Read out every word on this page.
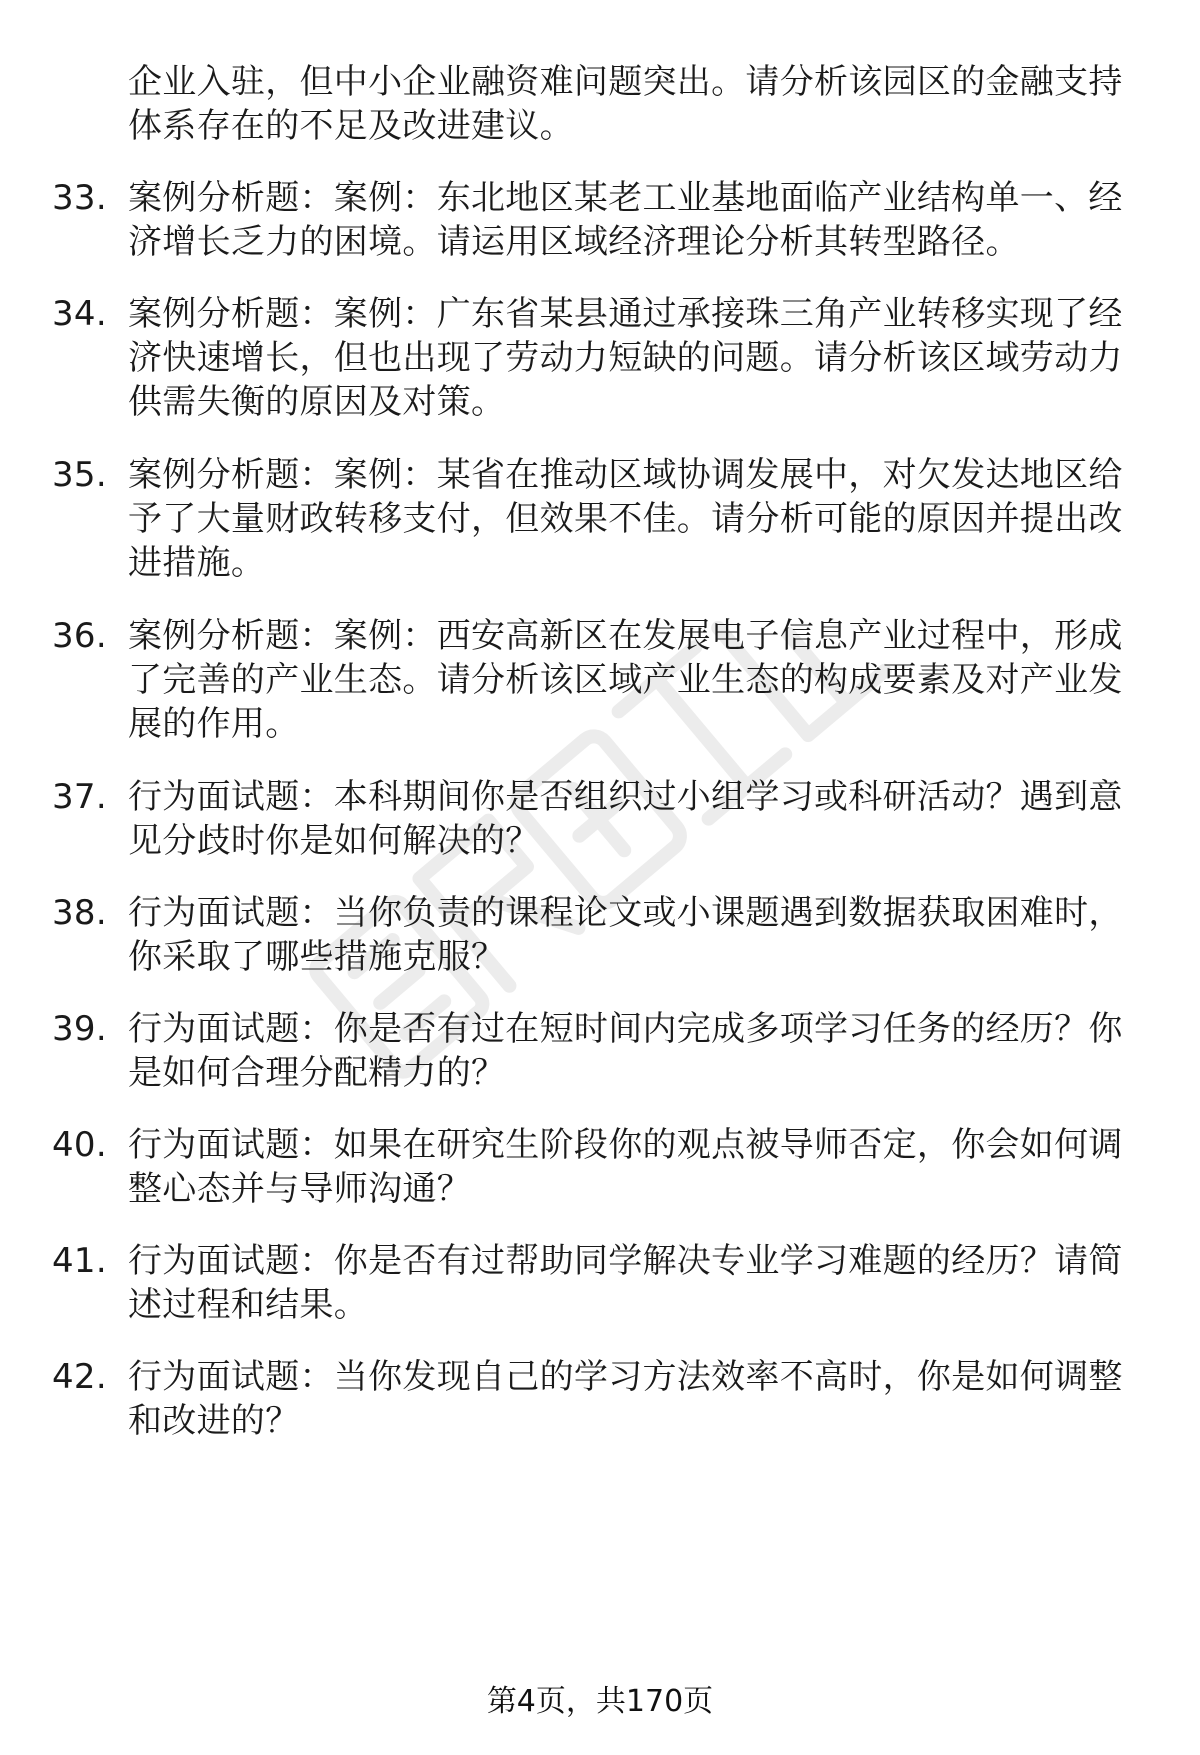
企业入驻，但中小企业融资难问题突出。请分析该园区的金融支持体系存在的不足及改进建议。
33. 案例分析题：案例：东北地区某老工业基地面临产业结构单一、经济增长乏力的困境。请运用区域经济理论分析其转型路径。
34. 案例分析题：案例：广东省某县通过承接珠三角产业转移实现了经济快速增长，但也出现了劳动力短缺的问题。请分析该区域劳动力供需失衡的原因及对策。
35. 案例分析题：案例：某省在推动区域协调发展中，对欠发达地区给予了大量财政转移支付，但效果不佳。请分析可能的原因并提出改进措施。
36. 案例分析题：案例：西安高新区在发展电子信息产业过程中，形成了完善的产业生态。请分析该区域产业生态的构成要素及对产业发展的作用。
37. 行为面试题：本科期间你是否组织过小组学习或科研活动？遇到意见分歧时你是如何解决的？
38. 行为面试题：当你负责的课程论文或小课题遇到数据获取困难时，你采取了哪些措施克服？
39. 行为面试题：你是否有过在短时间内完成多项学习任务的经历？你是如何合理分配精力的？
40. 行为面试题：如果在研究生阶段你的观点被导师否定，你会如何调整心态并与导师沟通？
41. 行为面试题：你是否有过帮助同学解决专业学习难题的经历？请简述过程和结果。
42. 行为面试题：当你发现自己的学习方法效率不高时，你是如何调整和改进的？
第4页，共170页
